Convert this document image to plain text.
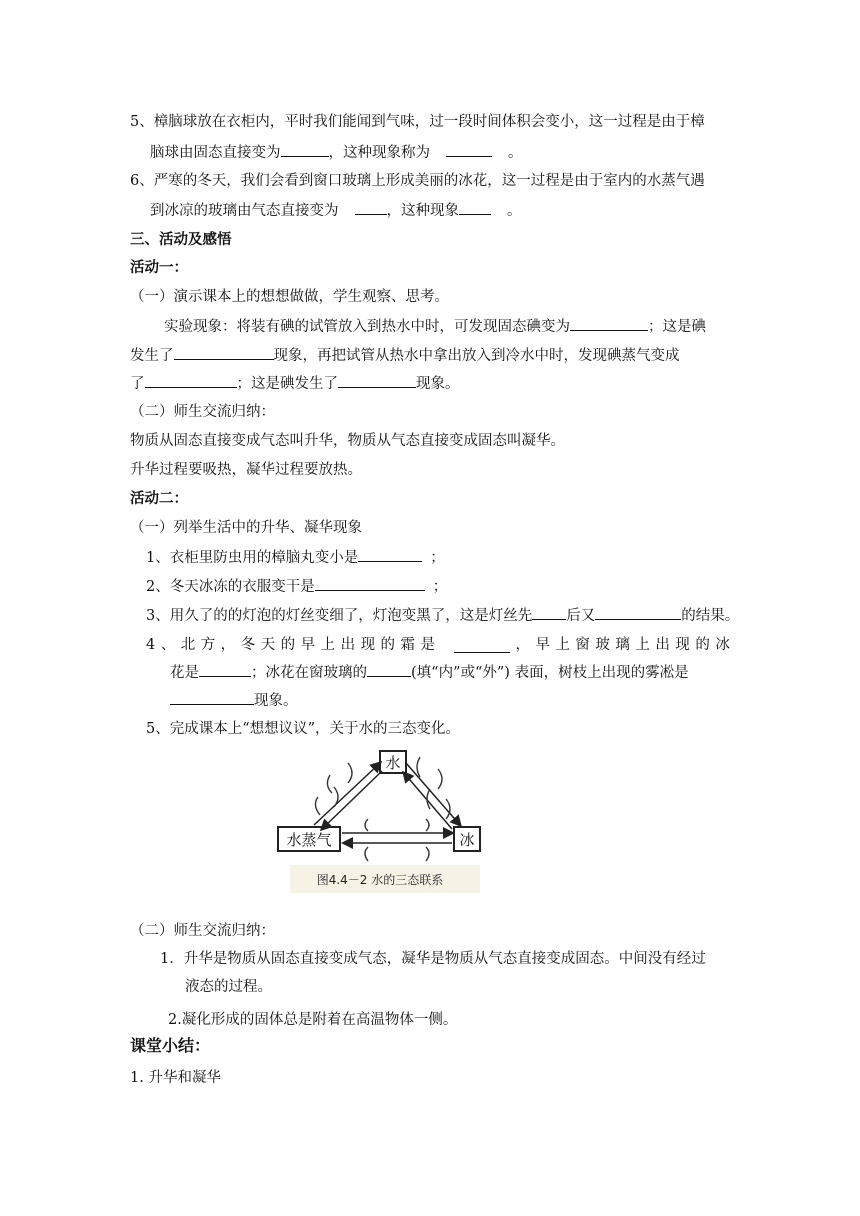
5、樟脑球放在衣柜内，平时我们能闻到气味，过一段时间体积会变小，这一过程是由于樟
脑球由固态直接变为	，这种现象称为	。
6、严寒的冬天，我们会看到窗口玻璃上形成美丽的冰花，这一过程是由于室内的水蒸气遇
到冰凉的玻璃由气态直接变为	，这种现象	。
三、活动及感悟
活动一：
（一）演示课本上的想想做做，学生观察、思考。
实验现象：将装有碘的试管放入到热水中时，可发现固态碘变为	；这是碘
发生了	现象，再把试管从热水中拿出放入到冷水中时，发现碘蒸气变成
了	；这是碘发生了	现象。
（二）师生交流归纳：
物质从固态直接变成气态叫升华，物质从气态直接变成固态叫凝华。
升华过程要吸热，凝华过程要放热。
活动二：
（一）列举生活中的升华、凝华现象
1、衣柜里防虫用的樟脑丸变小是	；
2、冬天冰冻的衣服变干是	；
3、用久了的的灯泡的灯丝变细了，灯泡变黑了，这是灯丝先 后又	的结果。
4 、 北 方 ， 冬 天 的 早 上 出 现 的 霜 是	， 早 上 窗 玻 璃 上 出 现 的 冰
花是	；冰花在窗玻璃的	(填“内”或“外”) 表面，树枝上出现的雾凇是
现象。
5、完成课本上“想想议议”，关于水的三态变化。
水
水蒸气	冰
图4.4－2 水的三态联系
（二）师生交流归纳：
1．升华是物质从固态直接变成气态，凝华是物质从气态直接变成固态。中间没有经过
液态的过程。
2.凝化形成的固体总是附着在高温物体一侧。
课堂小结：
1. 升华和凝华
